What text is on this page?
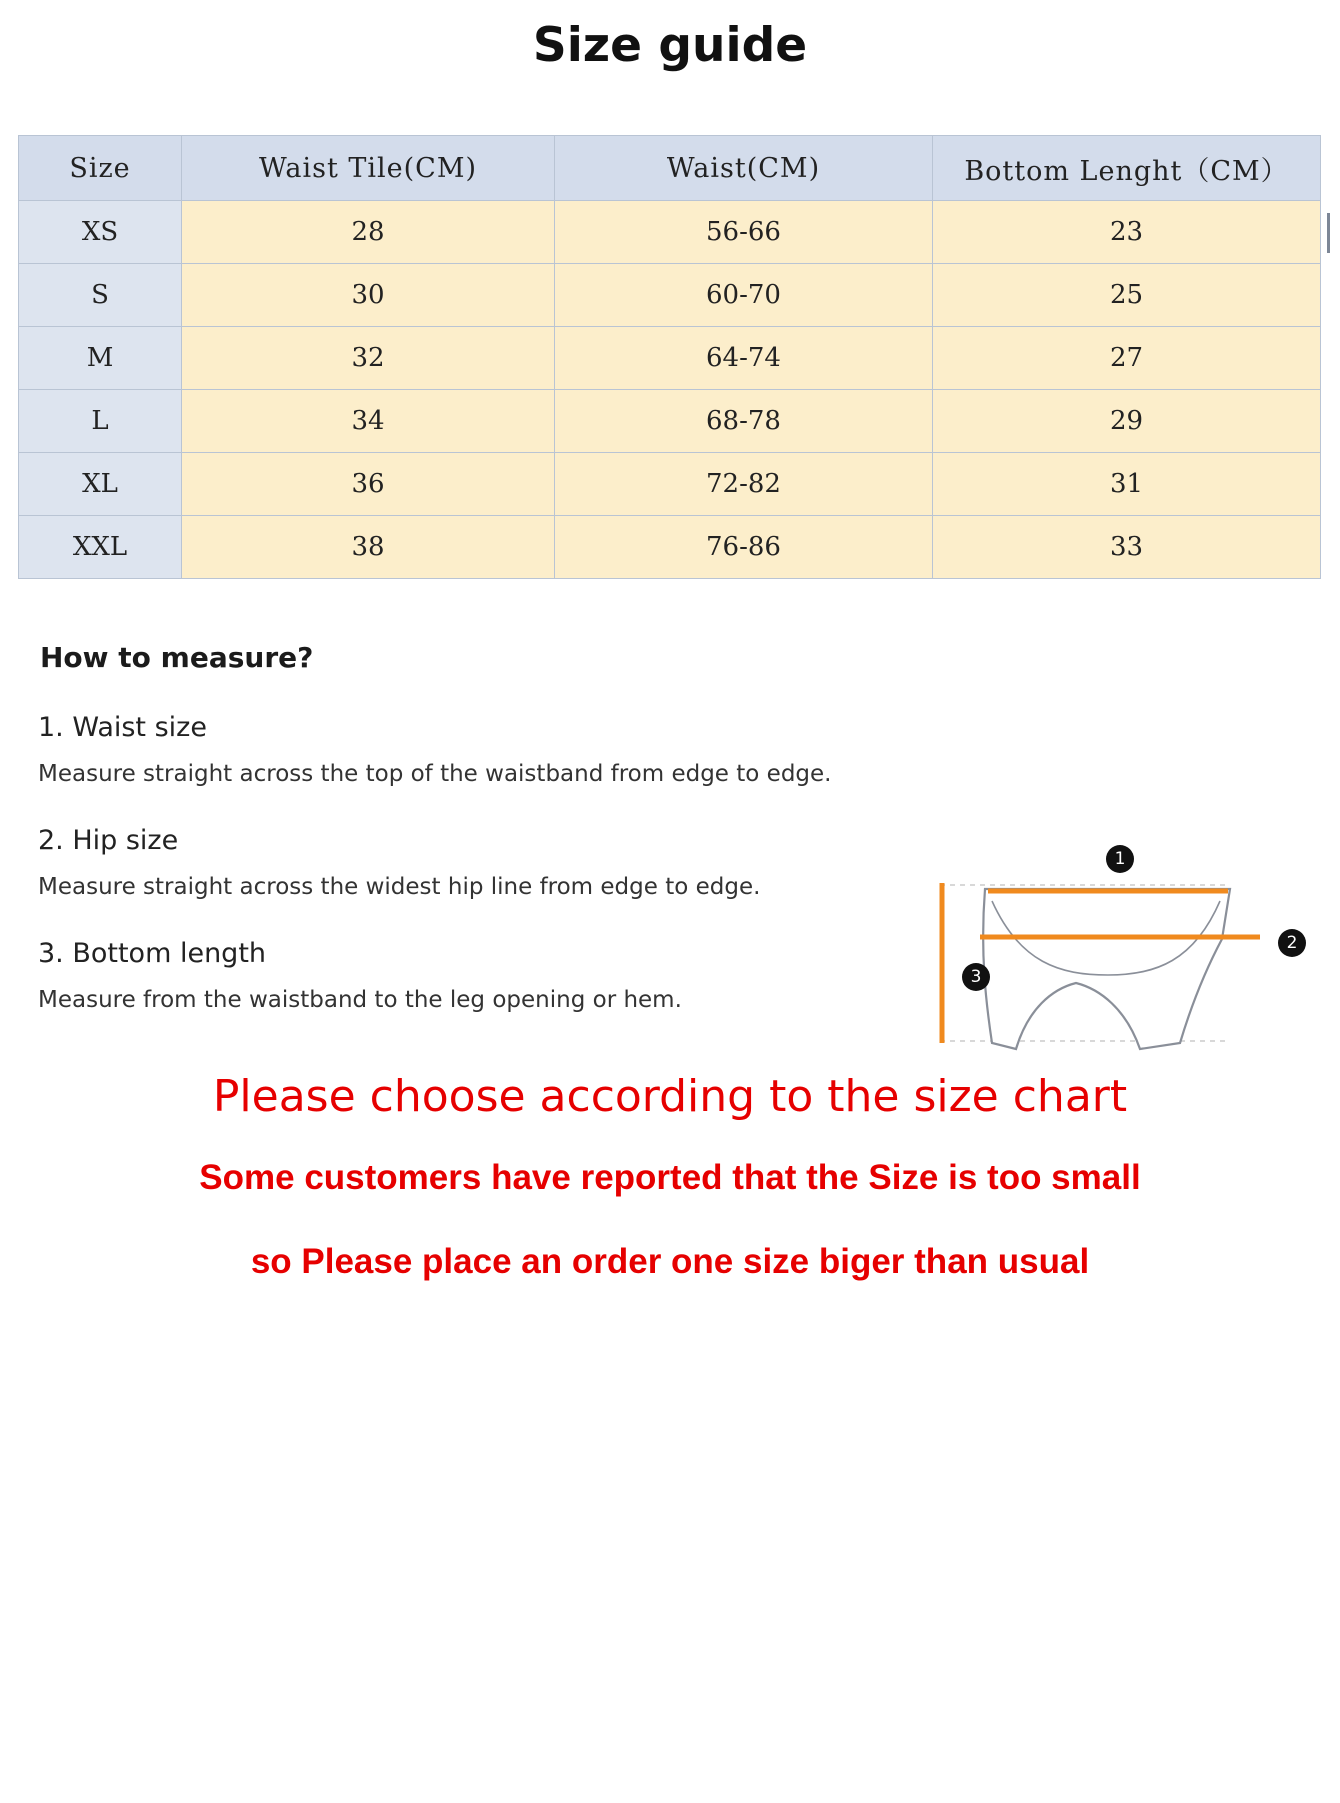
Size guide
Size	Waist Tile(CM)	Waist(CM)	Bottom Lenght（CM）
XS	28	56-66	23
S	30	60-70	25
M	32	64-74	27
L	34	68-78	29
XL	36	72-82	31
XXL	38	76-86	33
How to measure?
1. Waist size
Measure straight across the top of the waistband from edge to edge.
2. Hip size
Measure straight across the widest hip line from edge to edge.
3. Bottom length
Measure from the waistband to the leg opening or hem.
1
2
3
Please choose according to the size chart
Some customers have reported that the Size is too small
so Please place an order one size biger than usual
